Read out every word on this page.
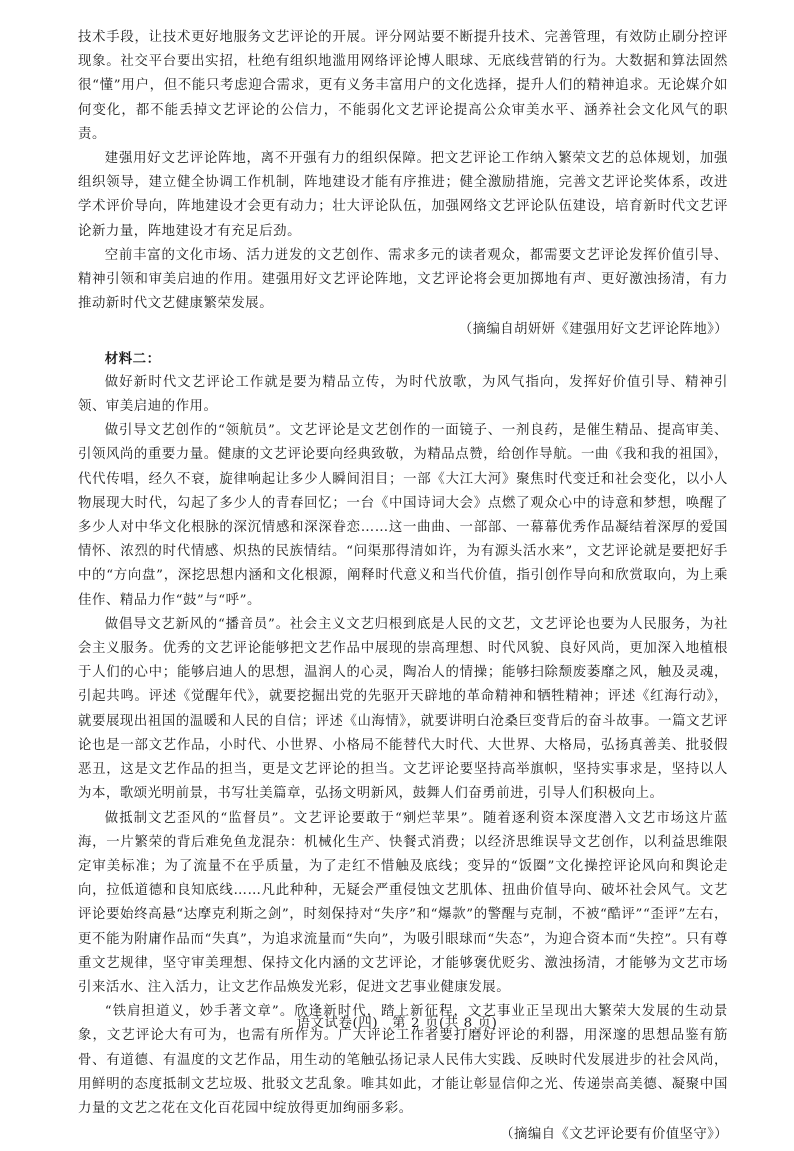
技术手段，让技术更好地服务文艺评论的开展。评分网站要不断提升技术、完善管理，有效防止刷分控评现象。社交平台要出实招，杜绝有组织地滥用网络评论博人眼球、无底线营销的行为。大数据和算法固然很“懂”用户，但不能只考虑迎合需求，更有义务丰富用户的文化选择，提升人们的精神追求。无论媒介如何变化，都不能丢掉文艺评论的公信力，不能弱化文艺评论提高公众审美水平、涵养社会文化风气的职责。

建强用好文艺评论阵地，离不开强有力的组织保障。把文艺评论工作纳入繁荣文艺的总体规划，加强组织领导，建立健全协调工作机制，阵地建设才能有序推进；健全激励措施，完善文艺评论奖体系，改进学术评价导向，阵地建设才会更有动力；壮大评论队伍，加强网络文艺评论队伍建设，培育新时代文艺评论新力量，阵地建设才有充足后劲。

空前丰富的文化市场、活力迸发的文艺创作、需求多元的读者观众，都需要文艺评论发挥价值引导、精神引领和审美启迪的作用。建强用好文艺评论阵地，文艺评论将会更加掷地有声、更好激浊扬清，有力推动新时代文艺健康繁荣发展。

（摘编自胡妍妍《建强用好文艺评论阵地》）

材料二：

做好新时代文艺评论工作就是要为精品立传，为时代放歌，为风气指向，发挥好价值引导、精神引领、审美启迪的作用。

做引导文艺创作的“领航员”。文艺评论是文艺创作的一面镜子、一剂良药，是催生精品、提高审美、引领风尚的重要力量。健康的文艺评论要向经典致敬，为精品点赞，给创作导航。一曲《我和我的祖国》，代代传唱，经久不衰，旋律响起让多少人瞬间泪目；一部《大江大河》聚焦时代变迁和社会变化，以小人物展现大时代，勾起了多少人的青春回忆；一台《中国诗词大会》点燃了观众心中的诗意和梦想，唤醒了多少人对中华文化根脉的深沉情感和深深眷恋……这一曲曲、一部部、一幕幕优秀作品凝结着深厚的爱国情怀、浓烈的时代情感、炽热的民族情结。“问渠那得清如许，为有源头活水来”，文艺评论就是要把好手中的“方向盘”，深挖思想内涵和文化根源，阐释时代意义和当代价值，指引创作导向和欣赏取向，为上乘佳作、精品力作“鼓”与“呼”。

做倡导文艺新风的“播音员”。社会主义文艺归根到底是人民的文艺，文艺评论也要为人民服务，为社会主义服务。优秀的文艺评论能够把文艺作品中展现的崇高理想、时代风貌、良好风尚，更加深入地植根于人们的心中；能够启迪人的思想，温润人的心灵，陶冶人的情操；能够扫除颓废萎靡之风，触及灵魂，引起共鸣。评述《觉醒年代》，就要挖掘出党的先驱开天辟地的革命精神和牺牲精神；评述《红海行动》，就要展现出祖国的温暖和人民的自信；评述《山海情》，就要讲明白沧桑巨变背后的奋斗故事。一篇文艺评论也是一部文艺作品，小时代、小世界、小格局不能替代大时代、大世界、大格局，弘扬真善美、批驳假恶丑，这是文艺作品的担当，更是文艺评论的担当。文艺评论要坚持高举旗帜，坚持实事求是，坚持以人为本，歌颂光明前景，书写壮美篇章，弘扬文明新风，鼓舞人们奋勇前进，引导人们积极向上。

做抵制文艺歪风的“监督员”。文艺评论要敢于“剜烂苹果”。随着逐利资本深度潜入文艺市场这片蓝海，一片繁荣的背后难免鱼龙混杂：机械化生产、快餐式消费；以经济思维误导文艺创作，以利益思维限定审美标准；为了流量不在乎质量，为了走红不惜触及底线；变异的“饭圈”文化操控评论风向和舆论走向，拉低道德和良知底线……凡此种种，无疑会严重侵蚀文艺肌体、扭曲价值导向、破坏社会风气。文艺评论要始终高悬“达摩克利斯之剑”，时刻保持对“失序”和“爆款”的警醒与克制，不被“酷评”“歪评”左右，更不能为附庸作品而“失真”，为追求流量而“失向”，为吸引眼球而“失态”，为迎合资本而“失控”。只有尊重文艺规律，坚守审美理想、保持文化内涵的文艺评论，才能够褒优贬劣、激浊扬清，才能够为文艺市场引来活水、注入活力，让文艺作品焕发光彩，促进文艺事业健康发展。

“铁肩担道义，妙手著文章”。欣逢新时代，踏上新征程，文艺事业正呈现出大繁荣大发展的生动景象，文艺评论大有可为，也需有所作为。广大评论工作者要打磨好评论的利器，用深邃的思想品鉴有筋骨、有道德、有温度的文艺作品，用生动的笔触弘扬记录人民伟大实践、反映时代发展进步的社会风尚，用鲜明的态度抵制文艺垃圾、批驳文艺乱象。唯其如此，才能让彰显信仰之光、传递崇高美德、凝聚中国力量的文艺之花在文化百花园中绽放得更加绚丽多彩。

（摘编自《文艺评论要有价值坚守》）

语文试卷(四)　第 2 页(共 8 页)
